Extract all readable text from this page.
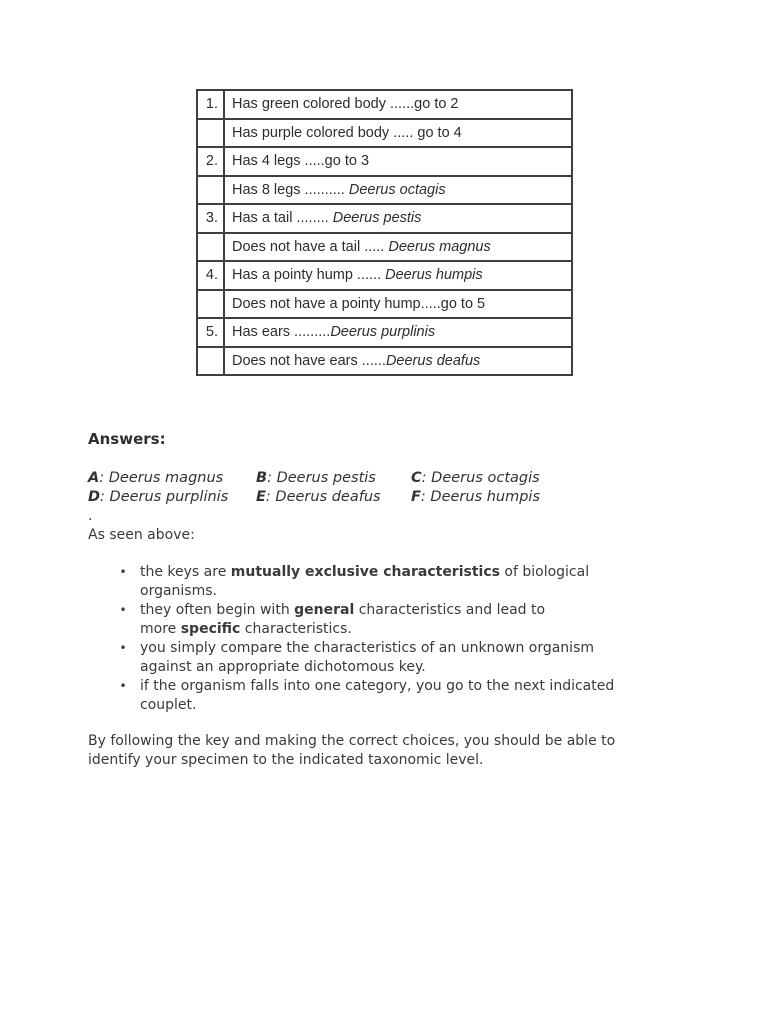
1.	Has green colored body ......go to 2
	Has purple colored body ..... go to 4
2.	Has 4 legs .....go to 3
	Has 8 legs .......... Deerus octagis
3.	Has a tail ........ Deerus pestis
	Does not have a tail ..... Deerus magnus
4.	Has a pointy hump ...... Deerus humpis
	Does not have a pointy hump.....go to 5
5.	Has ears .........Deerus purplinis
	Does not have ears ......Deerus deafus
Answers:
A: Deerus magnus	B: Deerus pestis	C: Deerus octagis
D: Deerus purplinis	E: Deerus deafus	F: Deerus humpis
.
As seen above:
• the keys are mutually exclusive characteristics of biological
organisms.
• they often begin with general characteristics and lead to
more specific characteristics.
• you simply compare the characteristics of an unknown organism
against an appropriate dichotomous key.
• if the organism falls into one category, you go to the next indicated
couplet.
By following the key and making the correct choices, you should be able to
identify your specimen to the indicated taxonomic level.
